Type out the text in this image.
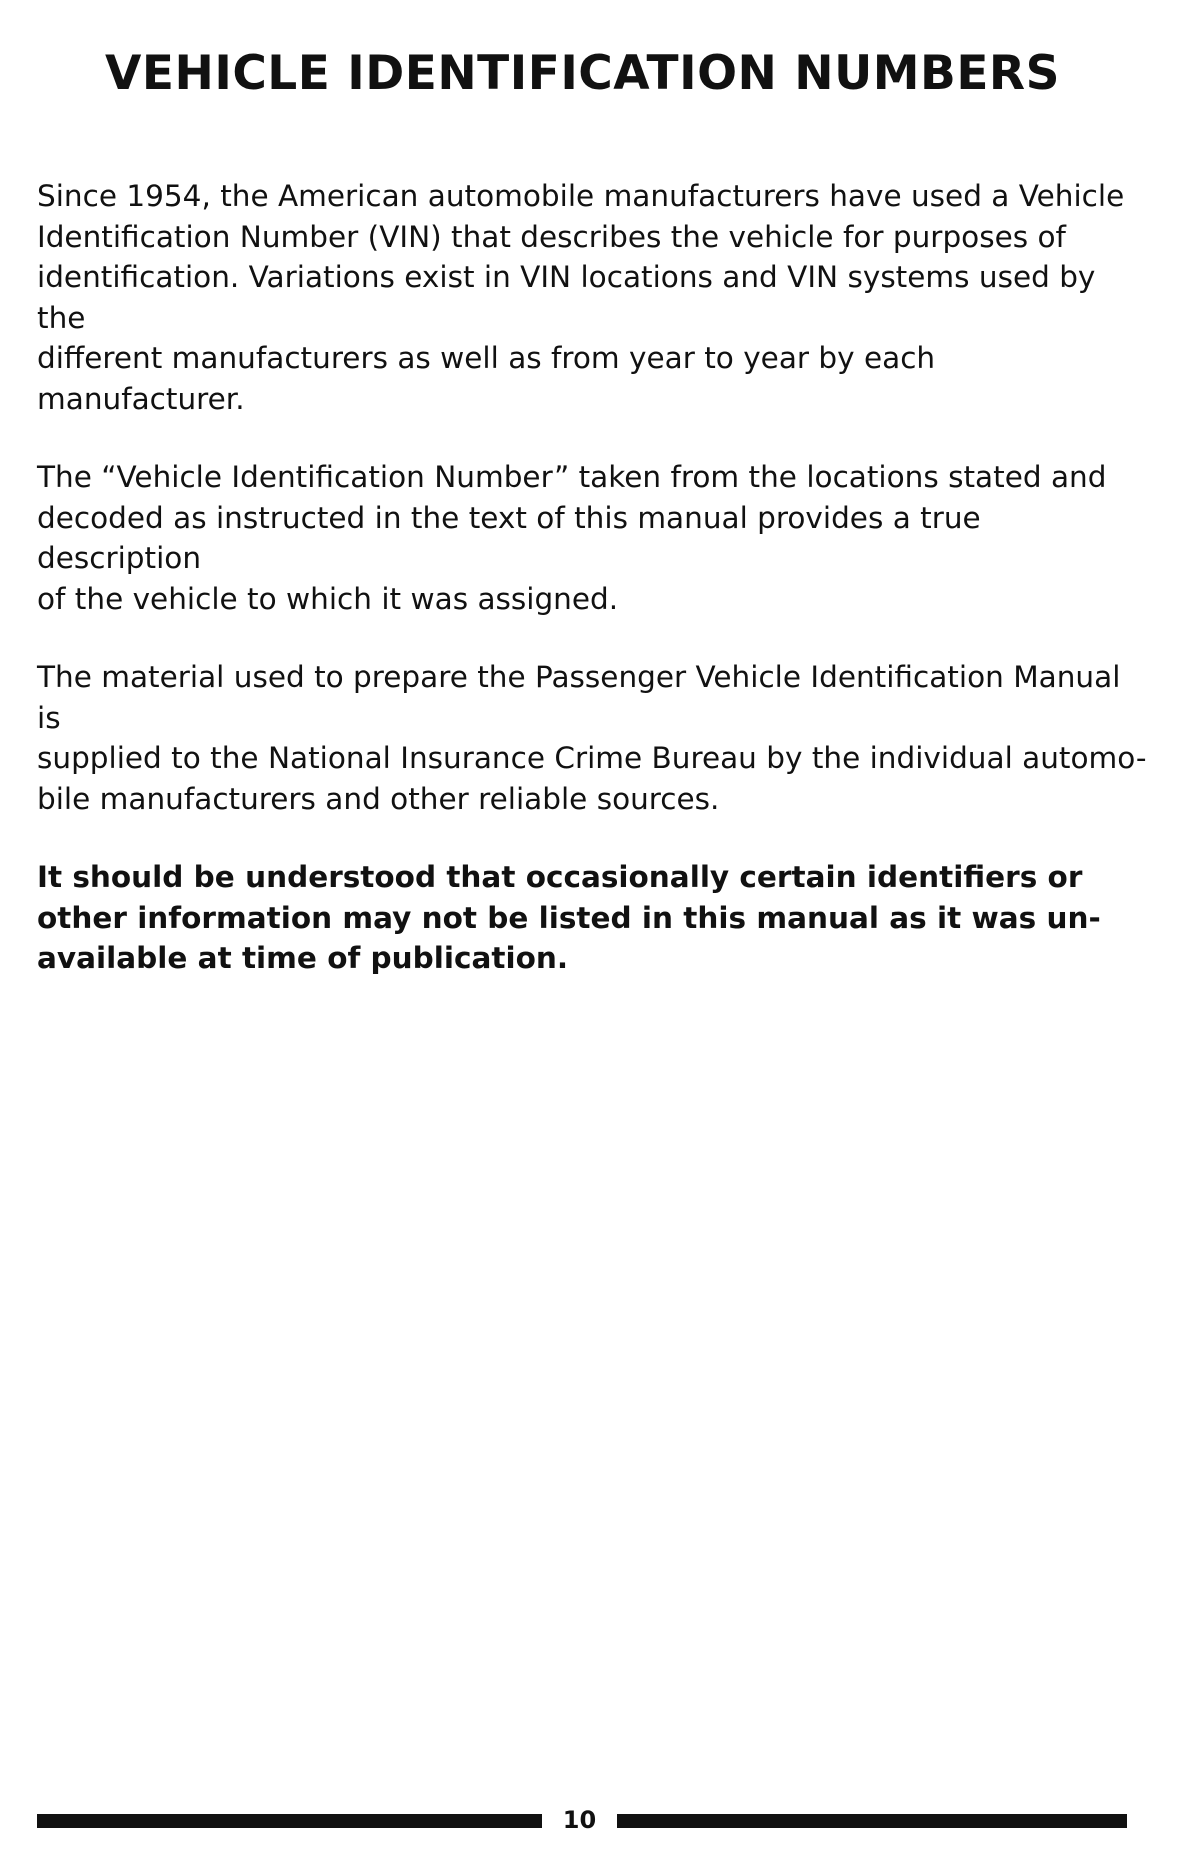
VEHICLE IDENTIFICATION NUMBERS

Since 1954, the American automobile manufacturers have used a Vehicle
Identification Number (VIN) that describes the vehicle for purposes of
identification. Variations exist in VIN locations and VIN systems used by the
different manufacturers as well as from year to year by each manufacturer.

The “Vehicle Identification Number” taken from the locations stated and
decoded as instructed in the text of this manual provides a true description
of the vehicle to which it was assigned.

The material used to prepare the Passenger Vehicle Identification Manual is
supplied to the National Insurance Crime Bureau by the individual automo-
bile manufacturers and other reliable sources.

It should be understood that occasionally certain identifiers or
other information may not be listed in this manual as it was un-
available at time of publication.

10
